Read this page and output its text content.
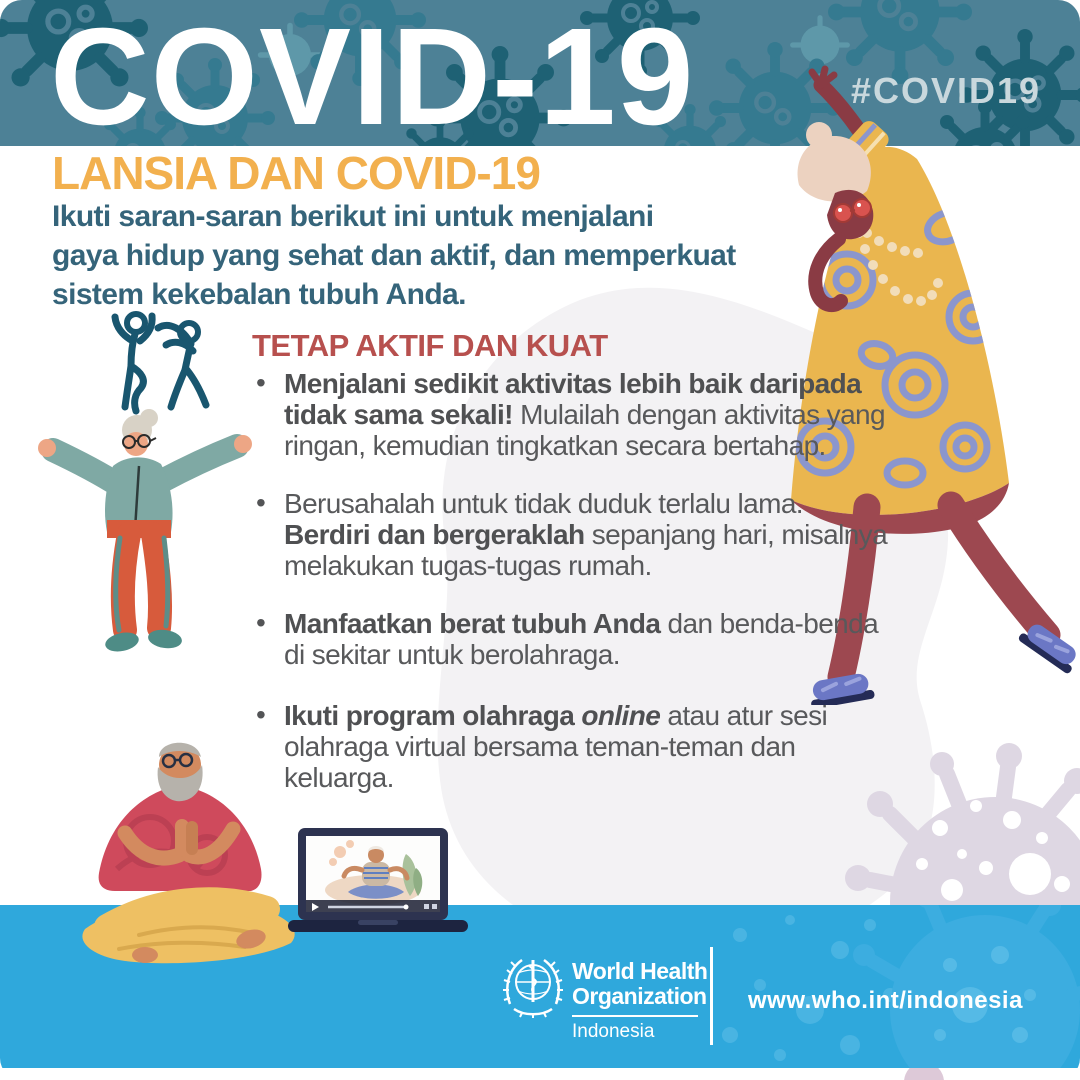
COVID-19	#COVID19
LANSIA DAN COVID-19
Ikuti saran-saran berikut ini untuk menjalani
gaya hidup yang sehat dan aktif, dan memperkuat
sistem kekebalan tubuh Anda.
TETAP AKTIF DAN KUAT
• Menjalani sedikit aktivitas lebih baik daripada tidak sama sekali! Mulailah dengan aktivitas yang ringan, kemudian tingkatkan secara bertahap.
• Berusahalah untuk tidak duduk terlalu lama. Berdiri dan bergeraklah sepanjang hari, misalnya melakukan tugas-tugas rumah.
• Manfaatkan berat tubuh Anda dan benda-benda di sekitar untuk berolahraga.
• Ikuti program olahraga online atau atur sesi olahraga virtual bersama teman-teman dan keluarga.
World Health
Organization
Indonesia
www.who.int/indonesia
